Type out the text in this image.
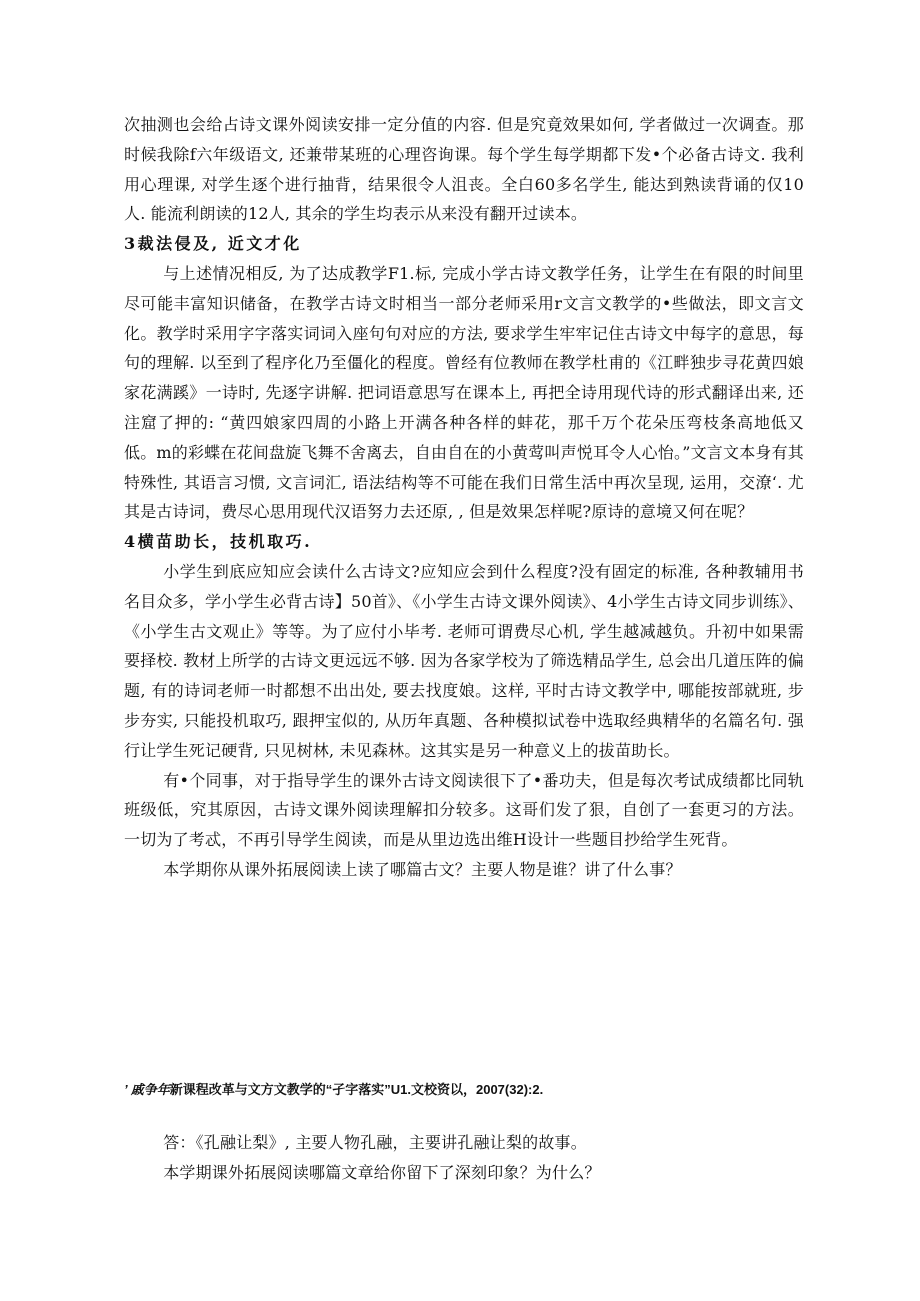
次抽测也会给占诗文课外阅读安排一定分值的内容. 但是究竟效果如何, 学者做过一次调查。那时候我除f六年级语文, 还兼带某班的心理咨询课。每个学生每学期都下发•个必备古诗文. 我利用心理课, 对学生逐个进行抽背，结果很令人沮丧。全白60多名学生, 能达到熟读背诵的仅10人. 能流利朗读的12人, 其余的学生均表示从来没有翻开过读本。

3裁法侵及, 近文才化

与上述情况相反, 为了达成教学F1.标, 完成小学古诗文教学任务，让学生在有限的时间里尽可能丰富知识储备，在教学古诗文时相当一部分老师采用r文言文教学的•些做法，即文言文化。教学时采用字字落实词词入座句句对应的方法, 要求学生牢牢记住古诗文中每字的意思，每句的理解. 以至到了程序化乃至僵化的程度。曾经有位教师在教学杜甫的《江畔独步寻花黄四娘家花满蹊》一诗时, 先逐字讲解. 把词语意思写在课本上, 再把全诗用现代诗的形式翻译出来, 还注窟了押的: “黄四娘家四周的小路上开满各种各样的蚌花，那千万个花朵压弯枝条高地低又低。m的彩蝶在花间盘旋飞舞不舍离去，自由自在的小黄莺叫声悦耳令人心怡。”文言文本身有其特殊性, 其语言习惯, 文言词汇, 语法结构等不可能在我们日常生活中再次呈现, 运用，交潦‘. 尤其是古诗词，费尽心思用现代汉语努力去还原, , 但是效果怎样呢?原诗的意境又何在呢？

4横苗助长，技机取巧.

小学生到底应知应会读什么古诗文?应知应会到什么程度?没有固定的标准, 各种教辅用书名目众多，学小学生必背古诗】50首》、《小学生古诗文课外阅读》、4小学生古诗文同步训练》、《小学生古文观止》等等。为了应付小毕考. 老师可谓费尽心机, 学生越减越负。升初中如果需要择校. 教材上所学的古诗文更远远不够. 因为各家学校为了筛选精品学生, 总会出几道压阵的偏题, 有的诗词老师一时都想不出出处, 要去找度娘。这样, 平时古诗文教学中, 哪能按部就班, 步步夯实, 只能投机取巧, 跟押宝似的, 从历年真题、各种模拟试卷中选取经典精华的名篇名句. 强行让学生死记硬背, 只见树林, 未见森林。这其实是另一种意义上的拔苗助长。

有•个同事，对于指导学生的课外古诗文阅读很下了•番功夫，但是每次考试成绩都比同轨班级低，究其原因，古诗文课外阅读理解扣分较多。这哥们发了狠，自创了一套更习的方法。一切为了考忒，不再引导学生阅读，而是从里边选出维H设计一些题目抄给学生死背。

本学期你从课外拓展阅读上读了哪篇古文？主要人物是谁？讲了什么事？

’ 戚争年新课程改革与文方文教学的“孑字落实”U1.文校资以，2007(32):2.

答：《孔融让梨》, 主要人物孔融，主要讲孔融让梨的故事。

本学期课外拓展阅读哪篇文章给你留下了深刻印象？为什么？
